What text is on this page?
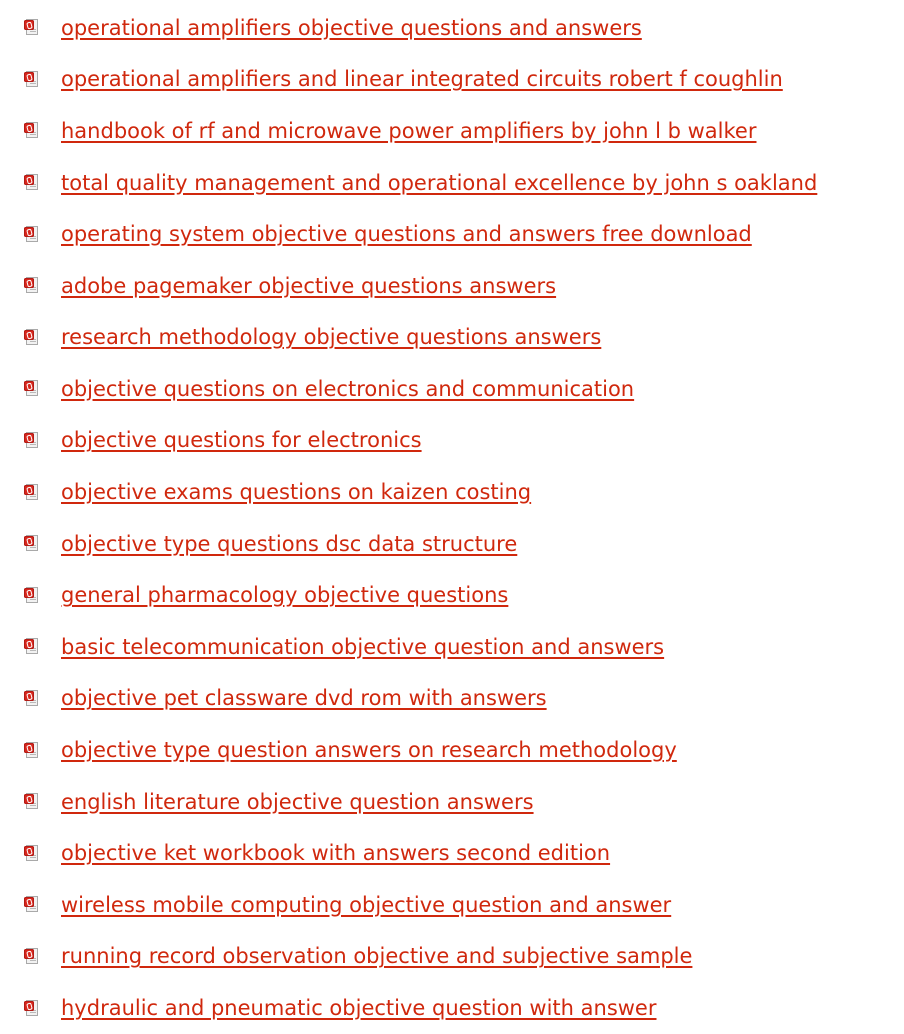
operational amplifiers objective questions and answers
operational amplifiers and linear integrated circuits robert f coughlin
handbook of rf and microwave power amplifiers by john l b walker
total quality management and operational excellence by john s oakland
operating system objective questions and answers free download
adobe pagemaker objective questions answers
research methodology objective questions answers
objective questions on electronics and communication
objective questions for electronics
objective exams questions on kaizen costing
objective type questions dsc data structure
general pharmacology objective questions
basic telecommunication objective question and answers
objective pet classware dvd rom with answers
objective type question answers on research methodology
english literature objective question answers
objective ket workbook with answers second edition
wireless mobile computing objective question and answer
running record observation objective and subjective sample
hydraulic and pneumatic objective question with answer
